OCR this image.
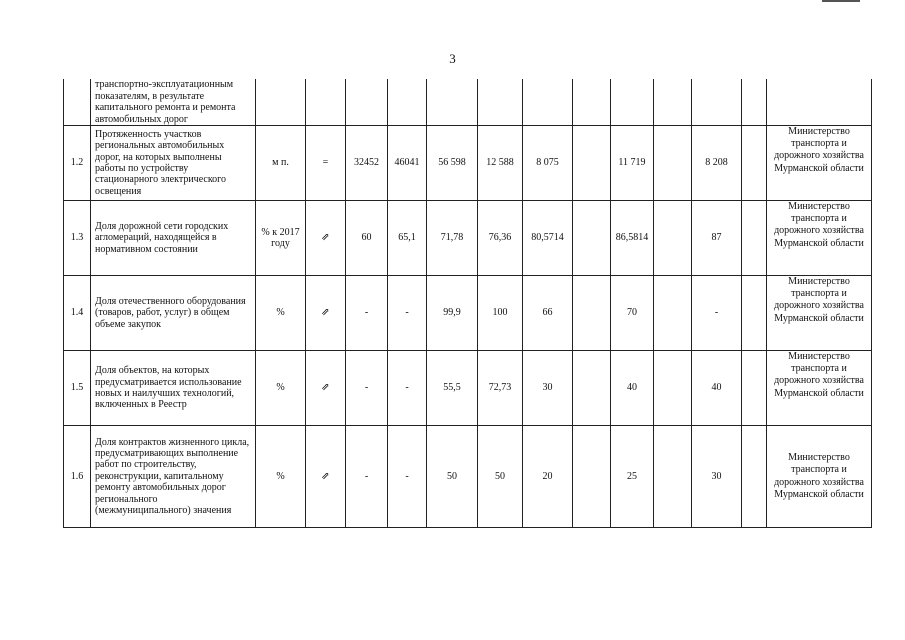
3
	транспортно-эксплуатационным показателям, в результате капитального ремонта и ремонта автомобильных дорог													
1.2	Протяженность участков региональных автомобильных дорог, на которых выполнены работы по устройству стационарного электрического освещения	м п.	=	32452	46041	56 598	12 588	8 075		11 719		8 208		Министерство транспорта и дорожного хозяйства Мурманской области
1.3	Доля дорожной сети городских агломераций, находящейся в нормативном состоянии	% к 2017 году	⇗	60	65,1	71,78	76,36	80,5714		86,5814		87		Министерство транспорта и дорожного хозяйства Мурманской области
1.4	Доля отечественного оборудования (товаров, работ, услуг) в общем объеме закупок	%	⇗	-	-	99,9	100	66		70		-		Министерство транспорта и дорожного хозяйства Мурманской области
1.5	Доля объектов, на которых предусматривается использование новых и наилучших технологий, включенных в Реестр	%	⇗	-	-	55,5	72,73	30		40		40		Министерство транспорта и дорожного хозяйства Мурманской области
1.6	Доля контрактов жизненного цикла, предусматривающих выполнение работ по строительству, реконструкции, капитальному ремонту автомобильных дорог регионального (межмуниципального) значения	%	⇗	-	-	50	50	20		25		30		Министерство транспорта и дорожного хозяйства Мурманской области
